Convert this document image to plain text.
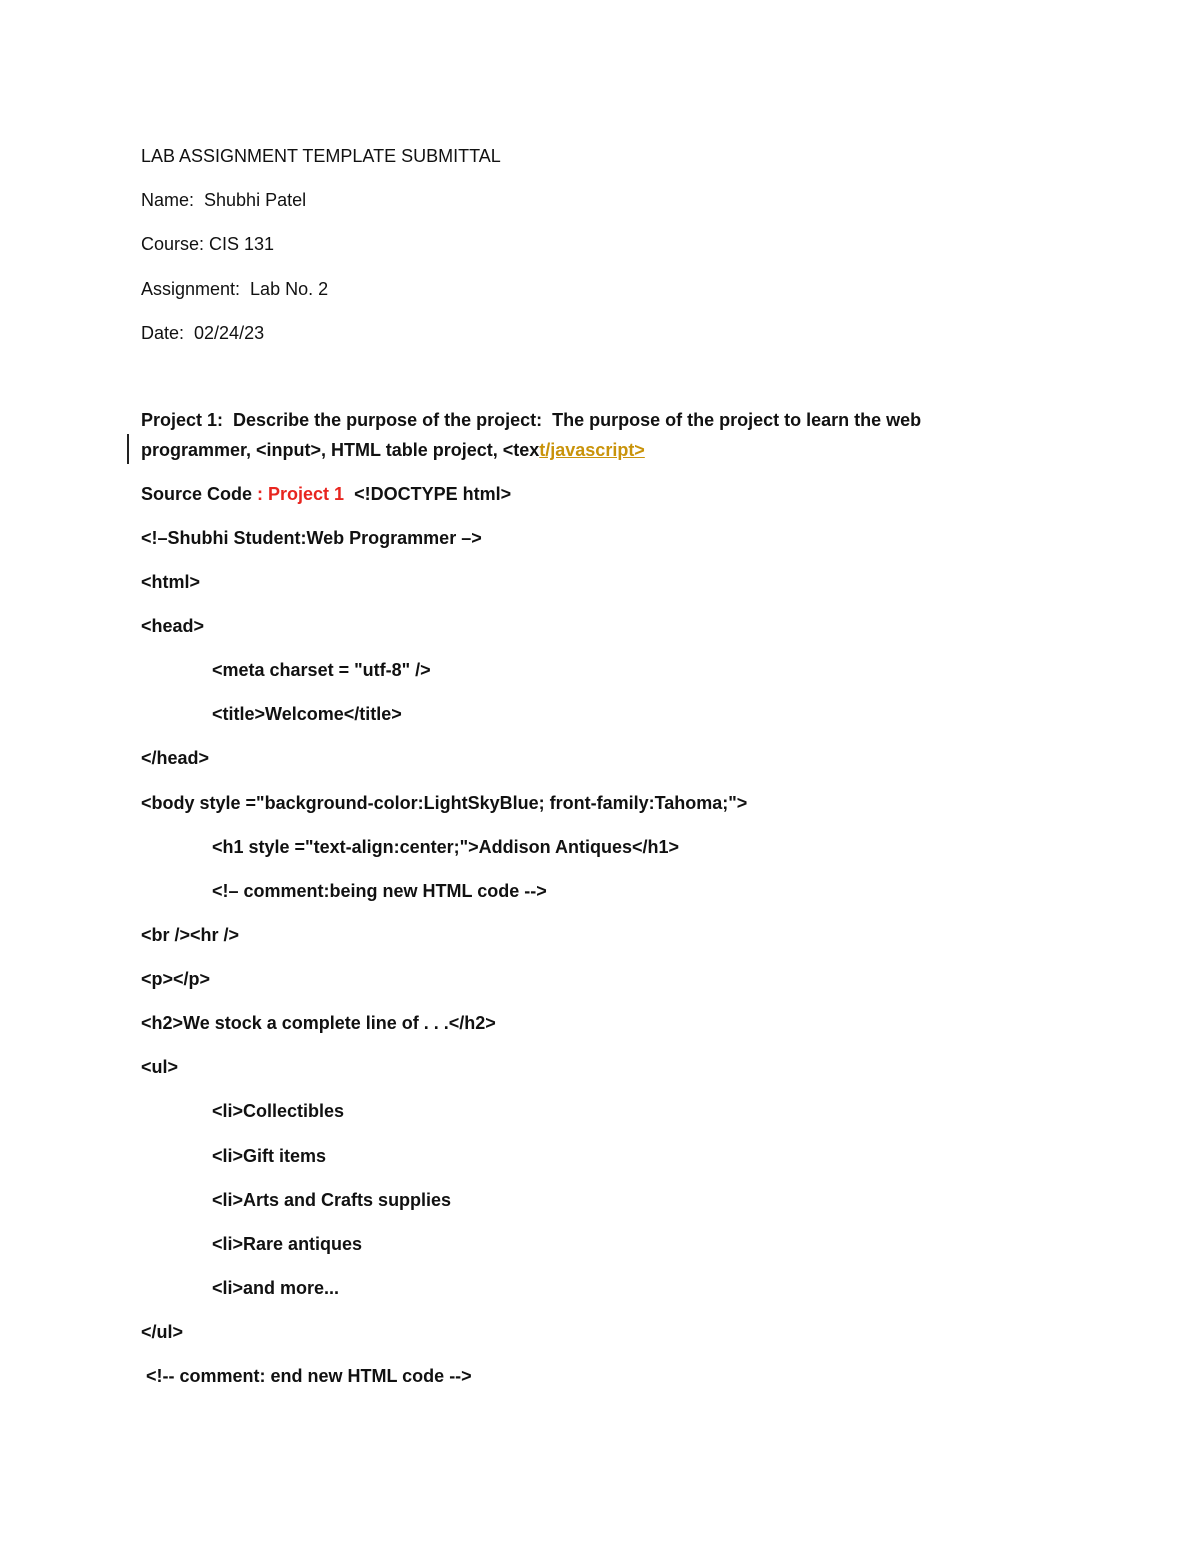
LAB ASSIGNMENT TEMPLATE SUBMITTAL
Name:  Shubhi Patel
Course: CIS 131
Assignment:  Lab No. 2
Date:  02/24/23
Project 1:  Describe the purpose of the project:  The purpose of the project to learn the web
programmer, <input>, HTML table project, <text/javascript>
Source Code : Project 1  <!DOCTYPE html>
<!–Shubhi Student:Web Programmer –>
<html>
<head>
<meta charset = "utf-8" />
<title>Welcome</title>
</head>
<body style ="background-color:LightSkyBlue; front-family:Tahoma;">
<h1 style ="text-align:center;">Addison Antiques</h1>
<!– comment:being new HTML code -->
<br /><hr />
<p></p>
<h2>We stock a complete line of . . .</h2>
<ul>
<li>Collectibles
<li>Gift items
<li>Arts and Crafts supplies
<li>Rare antiques
<li>and more...
</ul>
<!-- comment: end new HTML code -->
